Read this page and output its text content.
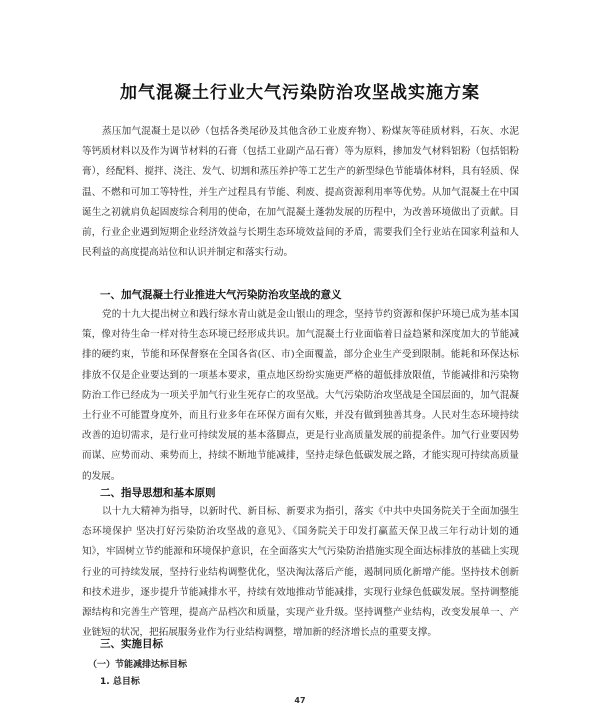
加气混凝土行业大气污染防治攻坚战实施方案

蒸压加气混凝土是以砂（包括各类尾砂及其他含砂工业废弃物）、粉煤灰等硅质材料，石灰、水泥等钙质材料以及作为调节材料的石膏（包括工业副产品石膏）等为原料，掺加发气材料铝粉（包括铝粉膏），经配料、搅拌、浇注、发气、切割和蒸压养护等工艺生产的新型绿色节能墙体材料，具有轻质、保温、不燃和可加工等特性，并生产过程具有节能、利废、提高资源利用率等优势。从加气混凝土在中国诞生之初就肩负起固废综合利用的使命，在加气混凝土蓬勃发展的历程中，为改善环境做出了贡献。目前，行业企业遇到短期企业经济效益与长期生态环境效益间的矛盾，需要我们全行业站在国家利益和人民利益的高度提高站位和认识并制定和落实行动。

一、加气混凝土行业推进大气污染防治攻坚战的意义

党的十九大提出树立和践行绿水青山就是金山银山的理念，坚持节约资源和保护环境已成为基本国策，像对待生命一样对待生态环境已经形成共识。加气混凝土行业面临着日益趋紧和深度加大的节能减排的硬约束，节能和环保督察在全国各省(区、市)全面覆盖，部分企业生产受到限制。能耗和环保达标排放不仅是企业要达到的一项基本要求，重点地区纷纷实施更严格的超低排放限值，节能减排和污染物防治工作已经成为一项关乎加气行业生死存亡的攻坚战。大气污染防治攻坚战是全国层面的，加气混凝土行业不可能置身度外，而且行业多年在环保方面有欠账，并没有做到独善其身。人民对生态环境持续改善的迫切需求，是行业可持续发展的基本落脚点，更是行业高质量发展的前提条件。加气行业要因势而谋、应势而动、乘势而上，持续不断地节能减排，坚持走绿色低碳发展之路，才能实现可持续高质量的发展。

二、指导思想和基本原则

以十九大精神为指导，以新时代、新目标、新要求为指引，落实《中共中央国务院关于全面加强生态环境保护 坚决打好污染防治攻坚战的意见》、《国务院关于印发打赢蓝天保卫战三年行动计划的通知》，牢固树立节约能源和环境保护意识，在全面落实大气污染防治措施实现全面达标排放的基础上实现行业的可持续发展，坚持行业结构调整优化，坚决淘汰落后产能，遏制同质化新增产能。坚持技术创新和技术进步，逐步提升节能减排水平，持续有效地推动节能减排，实现行业绿色低碳发展。坚持调整能源结构和完善生产管理，提高产品档次和质量，实现产业升级。坚持调整产业结构，改变发展单一、产业链短的状况，把拓展服务业作为行业结构调整，增加新的经济增长点的重要支撑。

三、实施目标
（一）节能减排达标目标
1. 总目标
47
